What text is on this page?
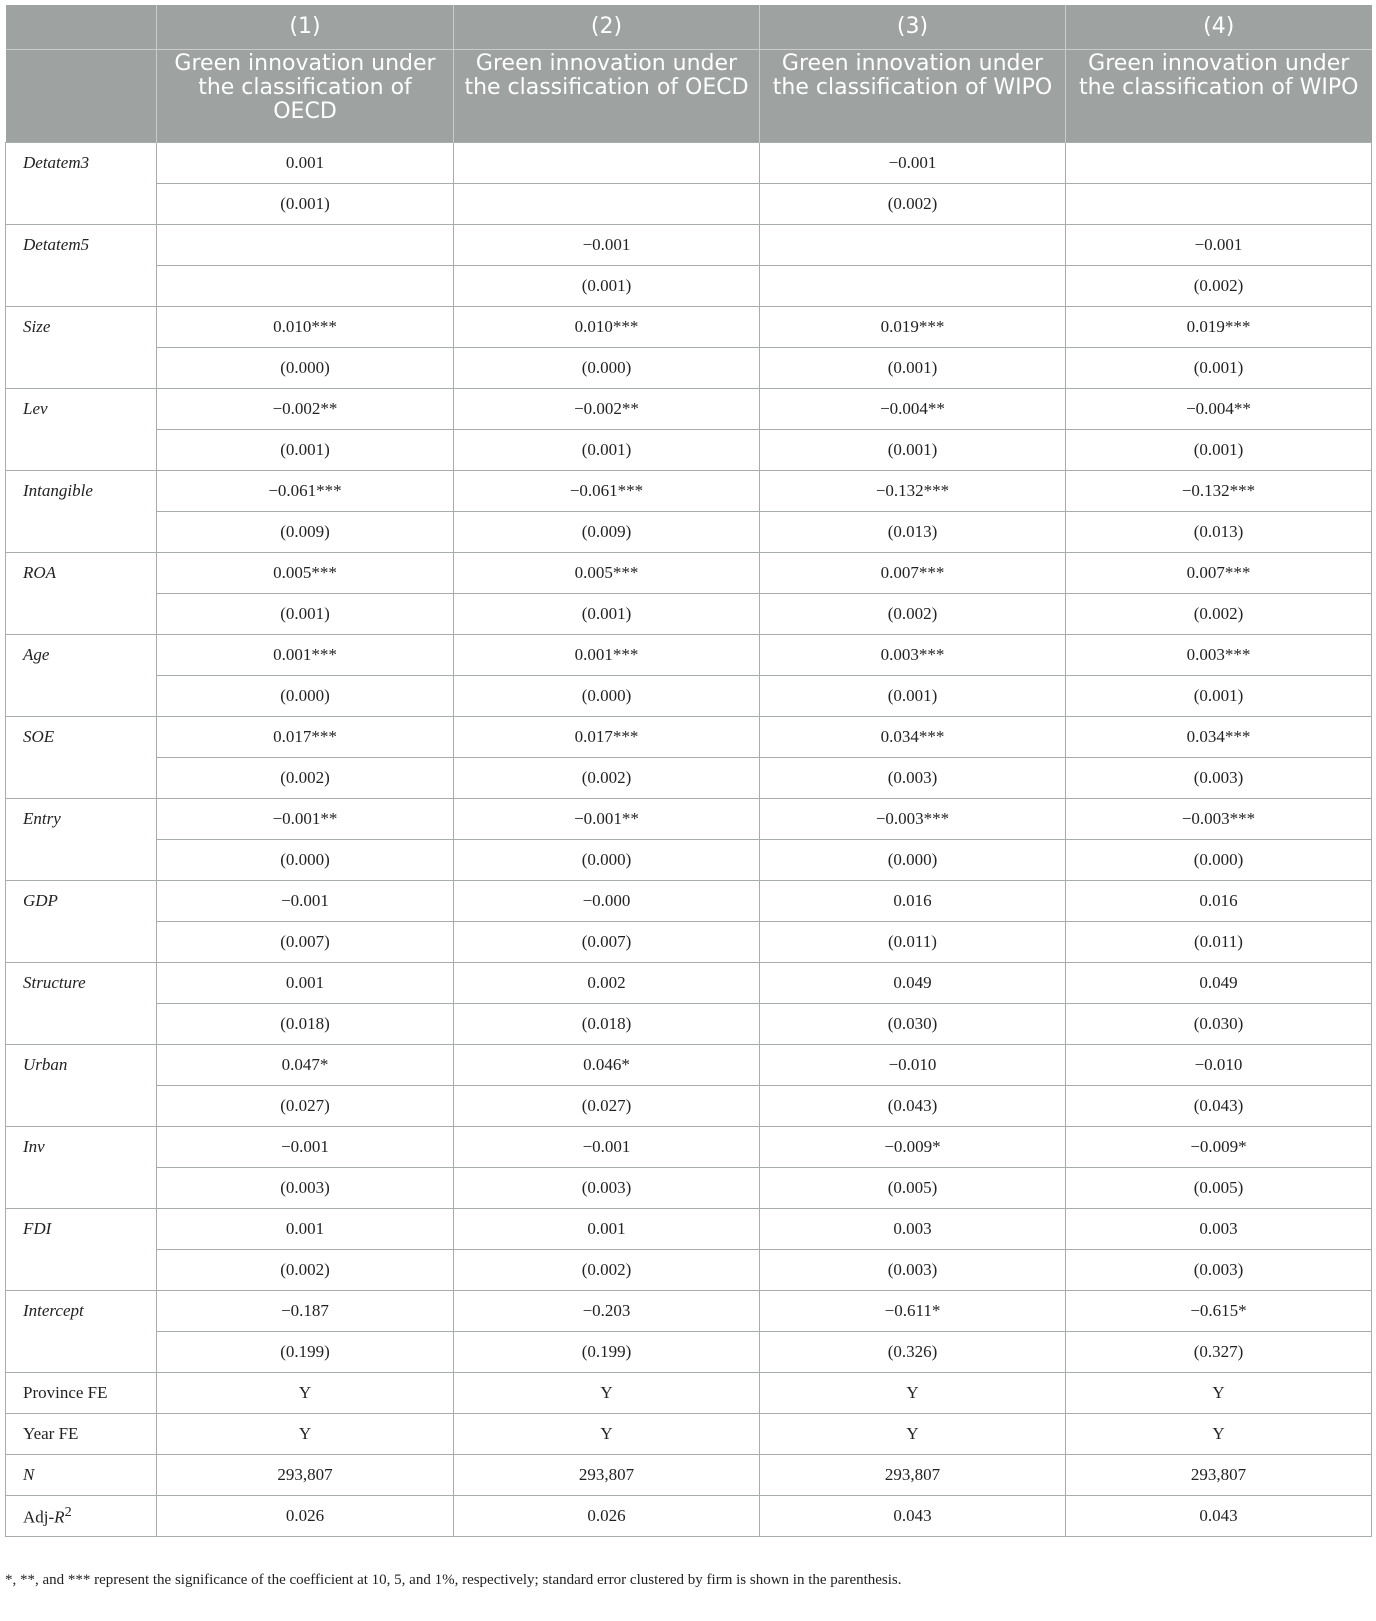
	(1)	(2)	(3)	(4)
	Green innovation under the classification of OECD	Green innovation under the classification of OECD	Green innovation under the classification of WIPO	Green innovation under the classification of WIPO
Detatem3	0.001		−0.001	
	(0.001)		(0.002)	
Detatem5		−0.001		−0.001
		(0.001)		(0.002)
Size	0.010***	0.010***	0.019***	0.019***
	(0.000)	(0.000)	(0.001)	(0.001)
Lev	−0.002**	−0.002**	−0.004**	−0.004**
	(0.001)	(0.001)	(0.001)	(0.001)
Intangible	−0.061***	−0.061***	−0.132***	−0.132***
	(0.009)	(0.009)	(0.013)	(0.013)
ROA	0.005***	0.005***	0.007***	0.007***
	(0.001)	(0.001)	(0.002)	(0.002)
Age	0.001***	0.001***	0.003***	0.003***
	(0.000)	(0.000)	(0.001)	(0.001)
SOE	0.017***	0.017***	0.034***	0.034***
	(0.002)	(0.002)	(0.003)	(0.003)
Entry	−0.001**	−0.001**	−0.003***	−0.003***
	(0.000)	(0.000)	(0.000)	(0.000)
GDP	−0.001	−0.000	0.016	0.016
	(0.007)	(0.007)	(0.011)	(0.011)
Structure	0.001	0.002	0.049	0.049
	(0.018)	(0.018)	(0.030)	(0.030)
Urban	0.047*	0.046*	−0.010	−0.010
	(0.027)	(0.027)	(0.043)	(0.043)
Inv	−0.001	−0.001	−0.009*	−0.009*
	(0.003)	(0.003)	(0.005)	(0.005)
FDI	0.001	0.001	0.003	0.003
	(0.002)	(0.002)	(0.003)	(0.003)
Intercept	−0.187	−0.203	−0.611*	−0.615*
	(0.199)	(0.199)	(0.326)	(0.327)
Province FE	Y	Y	Y	Y
Year FE	Y	Y	Y	Y
N	293,807	293,807	293,807	293,807
Adj-$R^2$	0.026	0.026	0.043	0.043
*, **, and *** represent the significance of the coefficient at 10, 5, and 1%, respectively; standard error clustered by firm is shown in the parenthesis.
